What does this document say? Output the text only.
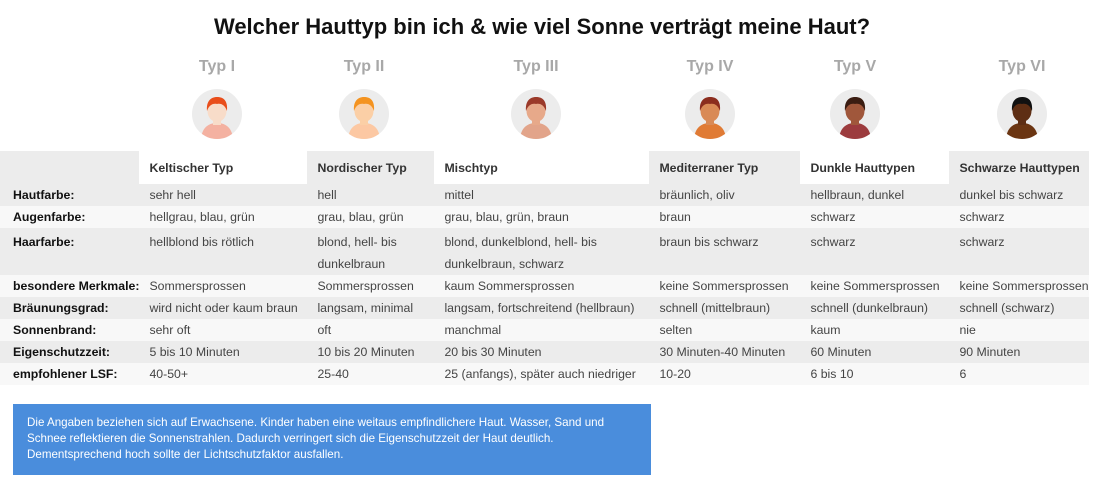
Welcher Hauttyp bin ich & wie viel Sonne verträgt meine Haut?
Typ I	Typ II	Typ III	Typ IV	Typ V	Typ VI
	Keltischer Typ	Nordischer Typ	Mischtyp	Mediterraner Typ	Dunkle Hauttypen	Schwarze Hauttypen
Hautfarbe:	sehr hell	hell	mittel	bräunlich, oliv	hellbraun, dunkel	dunkel bis schwarz
Augenfarbe:	hellgrau, blau, grün	grau, blau, grün	grau, blau, grün, braun	braun	schwarz	schwarz
Haarfarbe:	hellblond bis rötlich	blond, hell- bis dunkelbraun	blond, dunkelblond, hell- bis dunkelbraun, schwarz	braun bis schwarz	schwarz	schwarz
besondere Merkmale:	Sommersprossen	Sommersprossen	kaum Sommersprossen	keine Sommersprossen	keine Sommersprossen	keine Sommersprossen
Bräunungsgrad:	wird nicht oder kaum braun	langsam, minimal	langsam, fortschreitend (hellbraun)	schnell (mittelbraun)	schnell (dunkelbraun)	schnell (schwarz)
Sonnenbrand:	sehr oft	oft	manchmal	selten	kaum	nie
Eigenschutzzeit:	5 bis 10 Minuten	10 bis 20 Minuten	20 bis 30 Minuten	30 Minuten-40 Minuten	60 Minuten	90 Minuten
empfohlener LSF:	40-50+	25-40	25 (anfangs), später auch niedriger	10-20	6 bis 10	6
Die Angaben beziehen sich auf Erwachsene. Kinder haben eine weitaus empfindlichere Haut. Wasser, Sand und Schnee reflektieren die Sonnenstrahlen. Dadurch verringert sich die Eigenschutzzeit der Haut deutlich. Dementsprechend hoch sollte der Lichtschutzfaktor ausfallen.
